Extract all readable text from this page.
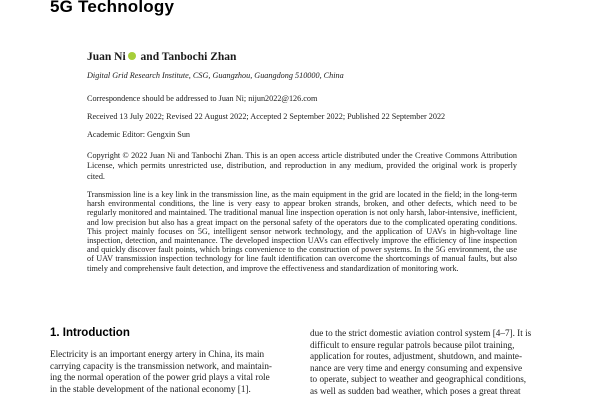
5G Technology
Juan Ni and Tanbochi Zhan
Digital Grid Research Institute, CSG, Guangzhou, Guangdong 510000, China
Correspondence should be addressed to Juan Ni; nijun2022@126.com
Received 13 July 2022; Revised 22 August 2022; Accepted 2 September 2022; Published 22 September 2022
Academic Editor: Gengxin Sun
Copyright © 2022 Juan Ni and Tanbochi Zhan. This is an open access article distributed under the Creative Commons Attribution License, which permits unrestricted use, distribution, and reproduction in any medium, provided the original work is properly cited.
Transmission line is a key link in the transmission line, as the main equipment in the grid are located in the field; in the long-term harsh environmental conditions, the line is very easy to appear broken strands, broken, and other defects, which need to be regularly monitored and maintained. The traditional manual line inspection operation is not only harsh, labor-intensive, inefficient, and low precision but also has a great impact on the personal safety of the operators due to the complicated operating conditions. This project mainly focuses on 5G, intelligent sensor network technology, and the application of UAVs in high-voltage line inspection, detection, and maintenance. The developed inspection UAVs can effectively improve the efficiency of line inspection and quickly discover fault points, which brings convenience to the construction of power systems. In the 5G environment, the use of UAV transmission inspection technology for line fault identification can overcome the shortcomings of manual faults, but also timely and comprehensive fault detection, and improve the effectiveness and standardization of monitoring work.
1. Introduction
Electricity is an important energy artery in China, its main
carrying capacity is the transmission network, and maintain-
ing the normal operation of the power grid plays a vital role
in the stable development of the national economy [1].
due to the strict domestic aviation control system [4–7]. It is
difficult to ensure regular patrols because pilot training,
application for routes, adjustment, shutdown, and mainte-
nance are very time and energy consuming and expensive
to operate, subject to weather and geographical conditions,
as well as sudden bad weather, which poses a great threat
